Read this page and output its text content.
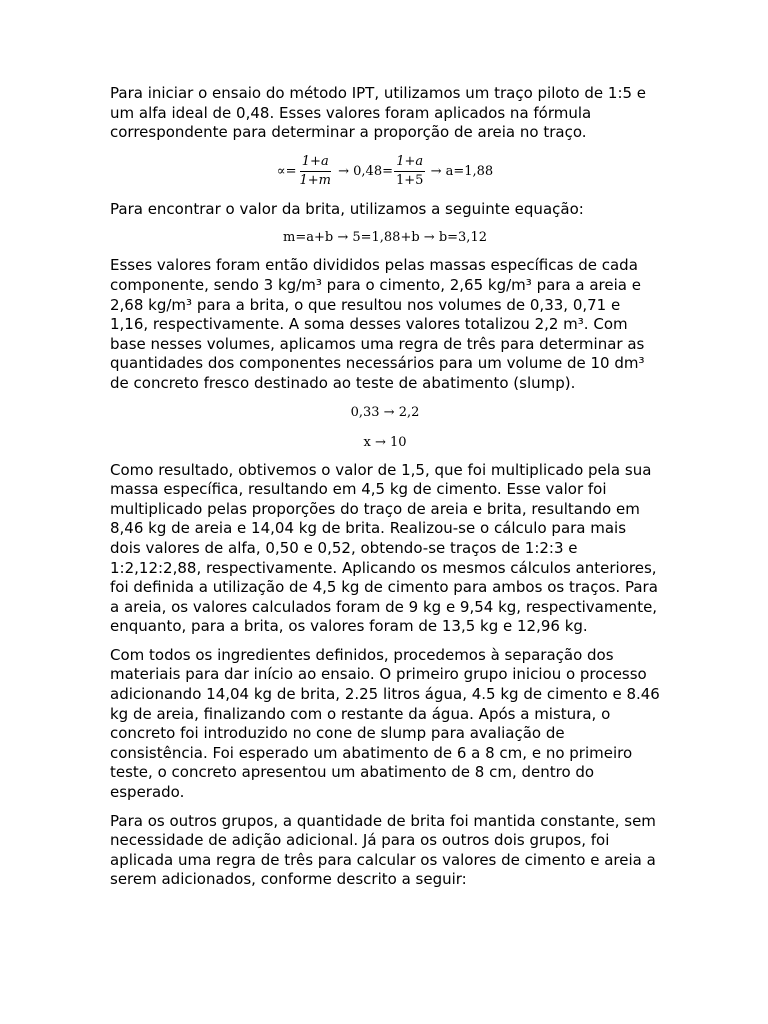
Para iniciar o ensaio do método IPT, utilizamos um traço piloto de 1:5 e um alfa ideal de 0,48. Esses valores foram aplicados na fórmula correspondente para determinar a proporção de areia no traço.

∝= $\frac{1+a}{1+m} \to 0,48= \frac{1+a}{1+5} \to a=1,88$

Para encontrar o valor da brita, utilizamos a seguinte equação:

m=a+b → 5=1,88+b → b=3,12

Esses valores foram então divididos pelas massas específicas de cada componente, sendo 3 kg/m³ para o cimento, 2,65 kg/m³ para a areia e 2,68 kg/m³ para a brita, o que resultou nos volumes de 0,33, 0,71 e 1,16, respectivamente. A soma desses valores totalizou 2,2 m³. Com base nesses volumes, aplicamos uma regra de três para determinar as quantidades dos componentes necessários para um volume de 10 dm³ de concreto fresco destinado ao teste de abatimento (slump).

0,33 → 2,2

x → 10

Como resultado, obtivemos o valor de 1,5, que foi multiplicado pela sua massa específica, resultando em 4,5 kg de cimento. Esse valor foi multiplicado pelas proporções do traço de areia e brita, resultando em 8,46 kg de areia e 14,04 kg de brita. Realizou-se o cálculo para mais dois valores de alfa, 0,50 e 0,52, obtendo-se traços de 1:2:3 e 1:2,12:2,88, respectivamente. Aplicando os mesmos cálculos anteriores, foi definida a utilização de 4,5 kg de cimento para ambos os traços. Para a areia, os valores calculados foram de 9 kg e 9,54 kg, respectivamente, enquanto, para a brita, os valores foram de 13,5 kg e 12,96 kg.

Com todos os ingredientes definidos, procedemos à separação dos materiais para dar início ao ensaio. O primeiro grupo iniciou o processo adicionando 14,04 kg de brita, 2.25 litros água, 4.5 kg de cimento e 8.46 kg de areia, finalizando com o restante da água. Após a mistura, o concreto foi introduzido no cone de slump para avaliação de consistência. Foi esperado um abatimento de 6 a 8 cm, e no primeiro teste, o concreto apresentou um abatimento de 8 cm, dentro do esperado.

Para os outros grupos, a quantidade de brita foi mantida constante, sem necessidade de adição adicional. Já para os outros dois grupos, foi aplicada uma regra de três para calcular os valores de cimento e areia a serem adicionados, conforme descrito a seguir:
